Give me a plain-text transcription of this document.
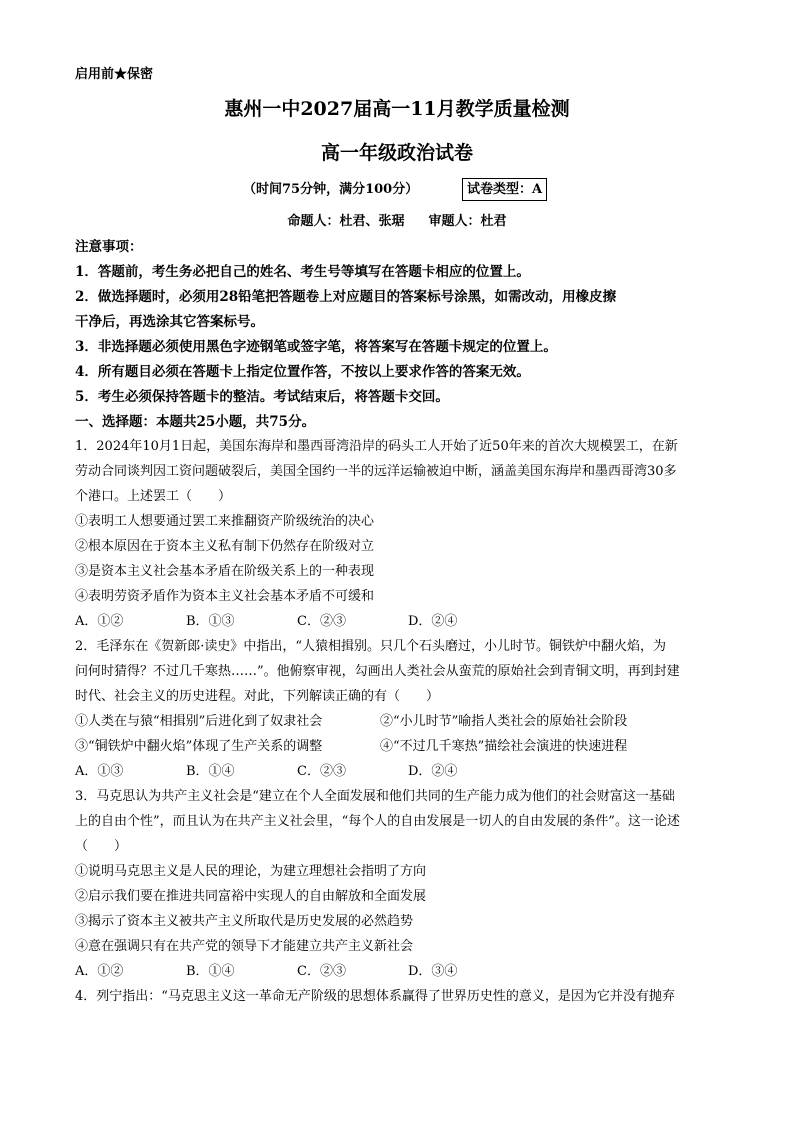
启用前★保密
惠州一中2027届高一11月教学质量检测
高一年级政治试卷
（时间75分钟，满分100分）	试卷类型：A
命题人：杜君、张琚 审题人：杜君
注意事项：
1．答题前，考生务必把自己的姓名、考生号等填写在答题卡相应的位置上。
2．做选择题时，必须用28铅笔把答题卷上对应题目的答案标号涂黑，如需改动，用橡皮擦
干净后，再选涂其它答案标号。
3．非选择题必须使用黑色字迹钢笔或签字笔，将答案写在答题卡规定的位置上。
4．所有题目必须在答题卡上指定位置作答，不按以上要求作答的答案无效。
5．考生必须保持答题卡的整洁。考试结束后，将答题卡交回。
一、选择题：本题共25小题，共75分。
1．2024年10月1日起，美国东海岸和墨西哥湾沿岸的码头工人开始了近50年来的首次大规模罢工，在新
劳动合同谈判因工资问题破裂后，美国全国约一半的远洋运输被迫中断，涵盖美国东海岸和墨西哥湾30多
个港口。上述罢工（　　）
①表明工人想要通过罢工来推翻资产阶级统治的决心
②根本原因在于资本主义私有制下仍然存在阶级对立
③是资本主义社会基本矛盾在阶级关系上的一种表现
④表明劳资矛盾作为资本主义社会基本矛盾不可缓和
A．①②	B．①③	C．②③	D．②④
2．毛泽东在《贺新郎·读史》中指出，“人猿相揖别。只几个石头磨过，小儿时节。铜铁炉中翻火焰，为
问何时猜得？不过几千寒热……”。他俯察审视，勾画出人类社会从蛮荒的原始社会到青铜文明，再到封建
时代、社会主义的历史进程。对此，下列解读正确的有（　　）
①人类在与猿“相揖别”后进化到了奴隶社会	②“小儿时节”喻指人类社会的原始社会阶段
③“铜铁炉中翻火焰”体现了生产关系的调整	④“不过几千寒热”描绘社会演进的快速进程
A．①③	B．①④	C．②③	D．②④
3．马克思认为共产主义社会是“建立在个人全面发展和他们共同的生产能力成为他们的社会财富这一基础
上的自由个性”，而且认为在共产主义社会里，“每个人的自由发展是一切人的自由发展的条件”。这一论述
（　　）
①说明马克思主义是人民的理论，为建立理想社会指明了方向
②启示我们要在推进共同富裕中实现人的自由解放和全面发展
③揭示了资本主义被共产主义所取代是历史发展的必然趋势
④意在强调只有在共产党的领导下才能建立共产主义新社会
A．①②	B．①④	C．②③	D．③④
4．列宁指出：“马克思主义这一革命无产阶级的思想体系赢得了世界历史性的意义，是因为它并没有抛弃
